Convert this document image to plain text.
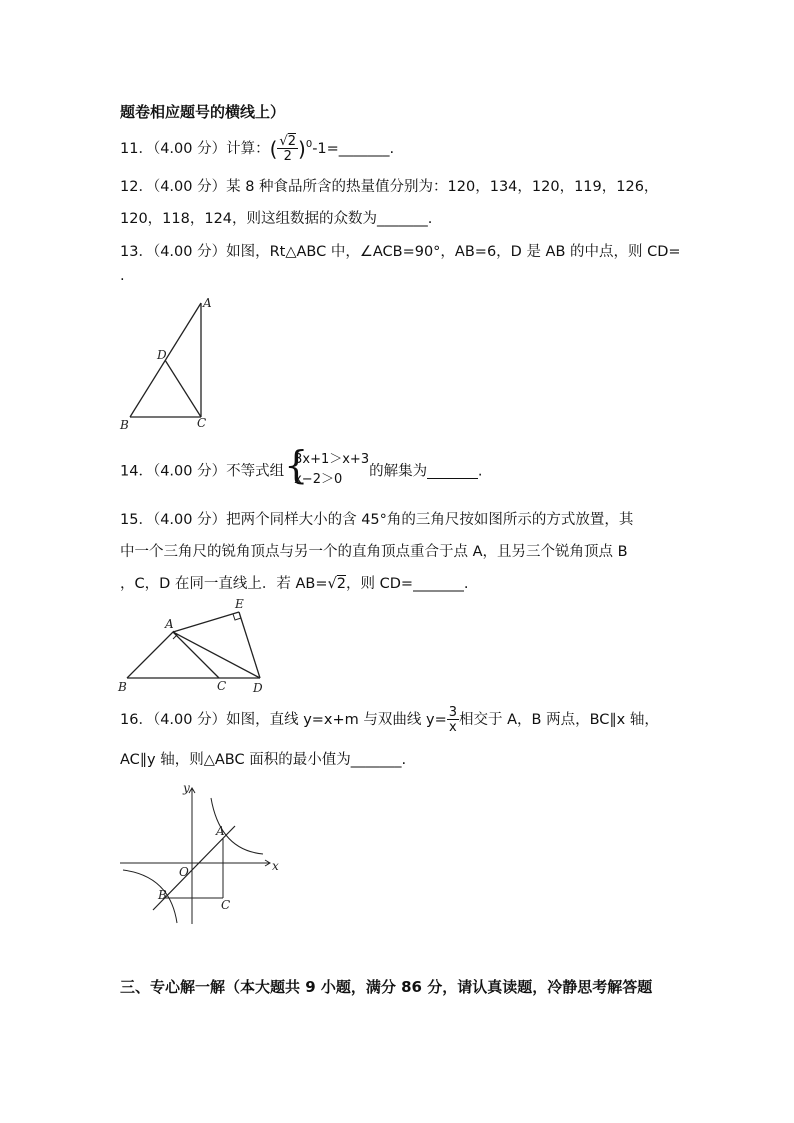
题卷相应题号的横线上）
11．（4.00 分）计算：( $\frac{√2}{2}$ )$^0$-1=_______.
12．（4.00 分）某 8 种食品所含的热量值分别为：120，134，120，119，126，
120，118，124，则这组数据的众数为_______.
13．（4.00 分）如图，Rt△ABC 中，∠ACB=90°，AB=6，D 是 AB 的中点，则 CD=
.
A
D
B	C
14．（4.00 分）不等式组 {
3x+1＞x+3
x−2＞0	的解集为_______.
15．（4.00 分）把两个同样大小的含 45°角的三角尺按如图所示的方式放置，其
中一个三角尺的锐角顶点与另一个的直角顶点重合于点 A，且另三个锐角顶点 B
，C，D 在同一直线上．若 AB=√2，则 CD=_______.
A
E
B	C D
16．（4.00 分）如图，直线 y=x+m 与双曲线 $y= \frac{3}{x}$ 相交于 A，B 两点，BC∥x 轴，
AC∥y 轴，则△ABC 面积的最小值为_______.
x
y
O
A
B
C
三、专心解一解（本大题共 9 小题，满分 86 分，请认真读题，冷静思考解答题
